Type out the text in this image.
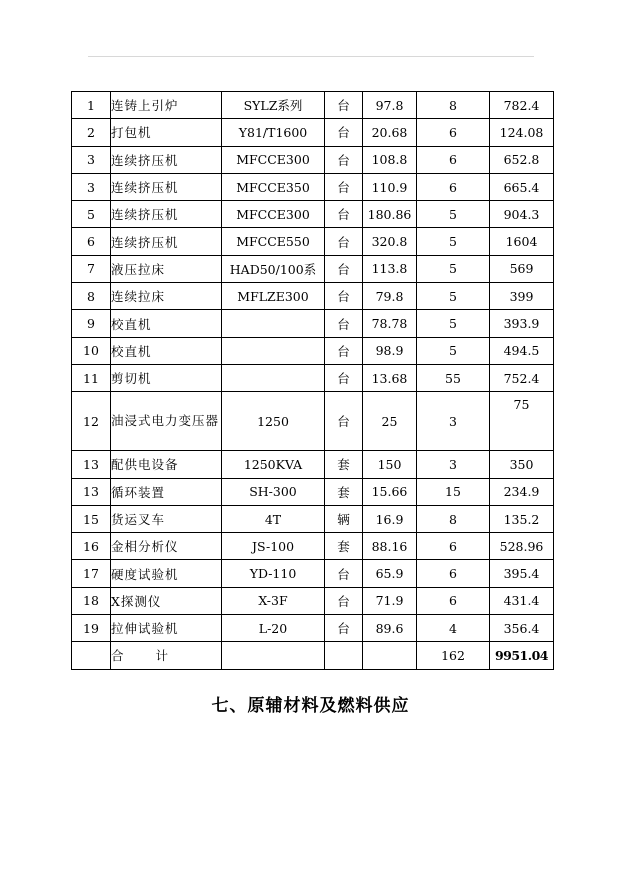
1	连铸上引炉	SYLZ系列	台	97.8	8	782.4
2	打包机	Y81/T1600	台	20.68	6	124.08
3	连续挤压机	MFCCE300	台	108.8	6	652.8
3	连续挤压机	MFCCE350	台	110.9	6	665.4
5	连续挤压机	MFCCE300	台	180.86	5	904.3
6	连续挤压机	MFCCE550	台	320.8	5	1604
7	液压拉床	HAD50/100系	台	113.8	5	569
8	连续拉床	MFLZE300	台	79.8	5	399
9	校直机		台	78.78	5	393.9
10	校直机		台	98.9	5	494.5
11	剪切机		台	13.68	55	752.4
12	油浸式电力变压器	1250	台	25	3	75
13	配供电设备	1250KVA	套	150	3	350
13	循环装置	SH-300	套	15.66	15	234.9
15	货运叉车	4T	辆	16.9	8	135.2
16	金相分析仪	JS-100	套	88.16	6	528.96
17	硬度试验机	YD-110	台	65.9	6	395.4
18	X探测仪	X-3F	台	71.9	6	431.4
19	拉伸试验机	L-20	台	89.6	4	356.4
	合 计				162	9951.04
七、原辅材料及燃料供应
